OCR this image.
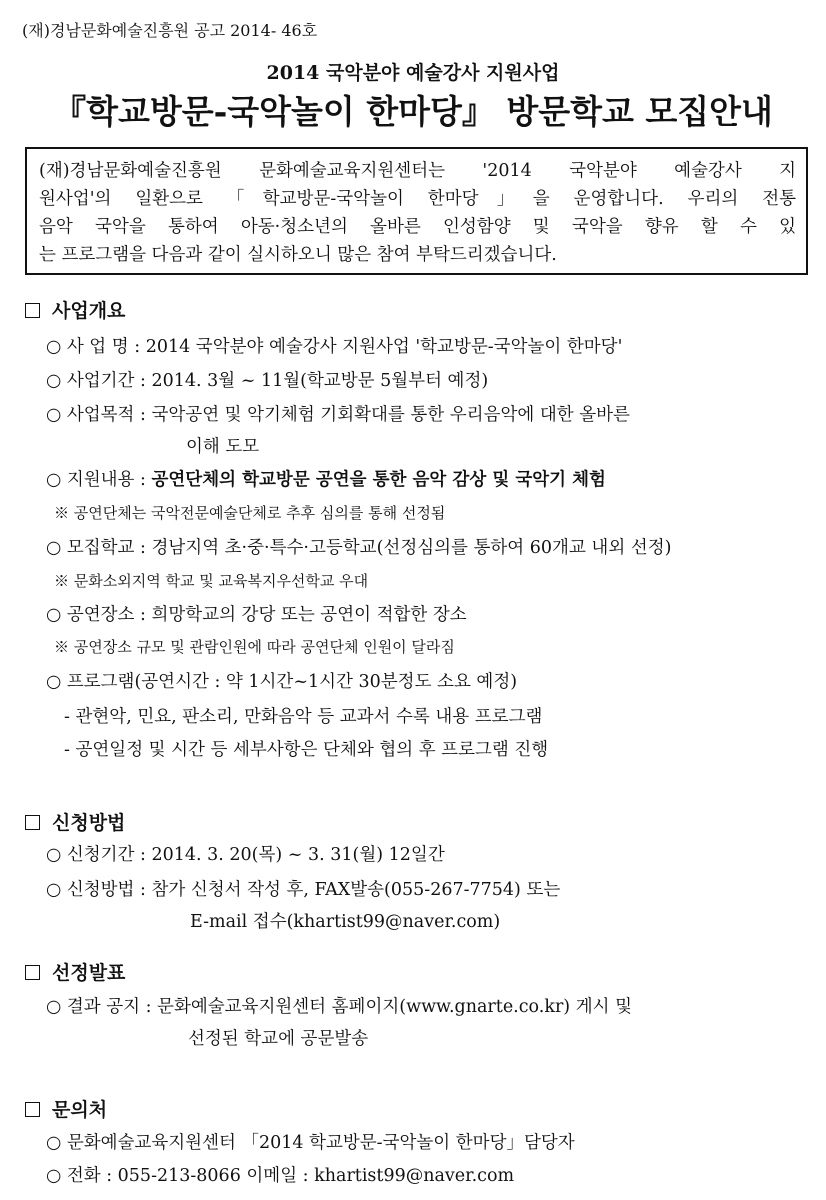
(재)경남문화예술진흥원 공고 2014- 46호
2014 국악분야 예술강사 지원사업
『학교방문-국악놀이 한마당』 방문학교 모집안내
(재)경남문화예술진흥원 문화예술교육지원센터는 '2014 국악분야 예술강사 지
원사업'의 일환으로 「학교방문-국악놀이 한마당」을 운영합니다. 우리의 전통
음악 국악을 통하여 아동·청소년의 올바른 인성함양 및 국악을 향유 할 수 있
는 프로그램을 다음과 같이 실시하오니 많은 참여 부탁드리겠습니다.
사업개요
○ 사 업 명 : 2014 국악분야 예술강사 지원사업 '학교방문-국악놀이 한마당'
○ 사업기간 : 2014. 3월 ~ 11월(학교방문 5월부터 예정)
○ 사업목적 : 국악공연 및 악기체험 기회확대를 통한 우리음악에 대한 올바른
이해 도모
○ 지원내용 : 공연단체의 학교방문 공연을 통한 음악 감상 및 국악기 체험
※ 공연단체는 국악전문예술단체로 추후 심의를 통해 선정됨
○ 모집학교 : 경남지역 초·중·특수·고등학교(선정심의를 통하여 60개교 내외 선정)
※ 문화소외지역 학교 및 교육복지우선학교 우대
○ 공연장소 : 희망학교의 강당 또는 공연이 적합한 장소
※ 공연장소 규모 및 관람인원에 따라 공연단체 인원이 달라짐
○ 프로그램(공연시간 : 약 1시간~1시간 30분정도 소요 예정)
- 관현악, 민요, 판소리, 만화음악 등 교과서 수록 내용 프로그램
- 공연일정 및 시간 등 세부사항은 단체와 협의 후 프로그램 진행
신청방법
○ 신청기간 : 2014. 3. 20(목) ~ 3. 31(월) 12일간
○ 신청방법 : 참가 신청서 작성 후, FAX발송(055-267-7754) 또는
E-mail 접수(khartist99@naver.com)
선정발표
○ 결과 공지 : 문화예술교육지원센터 홈페이지(www.gnarte.co.kr) 게시 및
선정된 학교에 공문발송
문의처
○ 문화예술교육지원센터 「2014 학교방문-국악놀이 한마당」담당자
○ 전화 : 055-213-8066 이메일 : khartist99@naver.com
